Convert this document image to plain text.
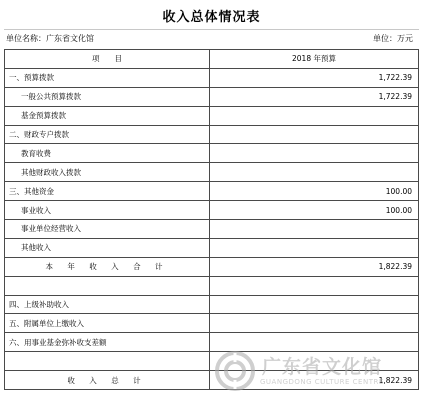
收入总体情况表
单位名称：广东省文化馆	单位：万元
项　　目	2018 年预算
一、预算拨款	1,722.39
一般公共预算拨款	1,722.39
基金预算拨款	
二、财政专户拨款	
教育收费	
其他财政收入拨款	
三、其他资金	100.00
事业收入	100.00
事业单位经营收入	
其他收入	
本 年 收 入 合 计	1,822.39

四、上级补助收入	
五、附属单位上缴收入	
六、用事业基金弥补收支差额	

收 入 总 计	1,822.39
广东省文化馆
GUANGDONG CULTURE CENTRE
